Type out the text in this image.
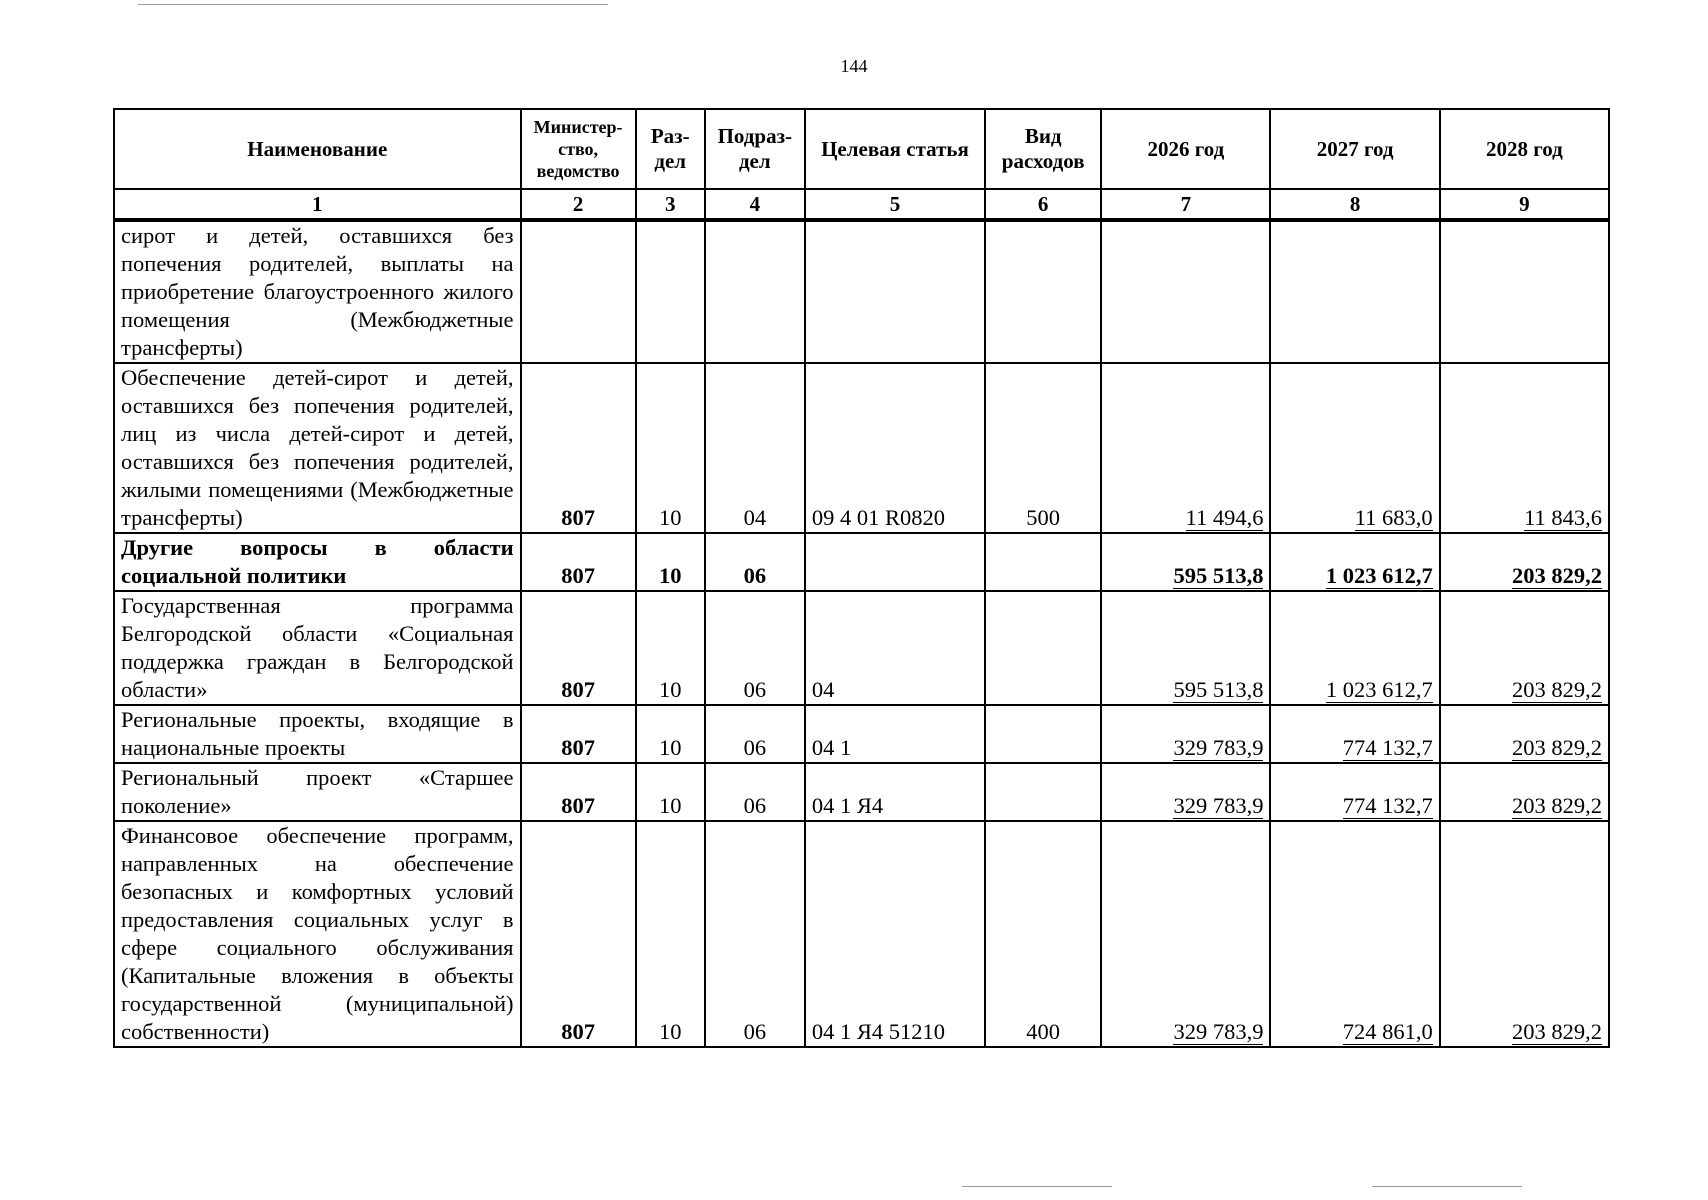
144
Наименование	Министер-ство, ведомство	Раз-дел	Подраз-дел	Целевая статья	Вид расходов	2026 год	2027 год	2028 год
1	2	3	4	5	6	7	8	9
сирот и детей, оставшихся без попечения родителей, выплаты на приобретение благоустроенного жилого помещения (Межбюджетные трансферты)								
Обеспечение детей-сирот и детей, оставшихся без попечения родителей, лиц из числа детей-сирот и детей, оставшихся без попечения родителей, жилыми помещениями (Межбюджетные трансферты)	807	10	04	09 4 01 R0820	500	11 494,6	11 683,0	11 843,6
Другие вопросы в области социальной политики	807	10	06			595 513,8	1 023 612,7	203 829,2
Государственная программа Белгородской области «Социальная поддержка граждан в Белгородской области»	807	10	06	04		595 513,8	1 023 612,7	203 829,2
Региональные проекты, входящие в национальные проекты	807	10	06	04 1		329 783,9	774 132,7	203 829,2
Региональный проект «Старшее поколение»	807	10	06	04 1 Я4		329 783,9	774 132,7	203 829,2
Финансовое обеспечение программ, направленных на обеспечение безопасных и комфортных условий предоставления социальных услуг в сфере социального обслуживания (Капитальные вложения в объекты государственной (муниципальной) собственности)	807	10	06	04 1 Я4 51210	400	329 783,9	724 861,0	203 829,2
